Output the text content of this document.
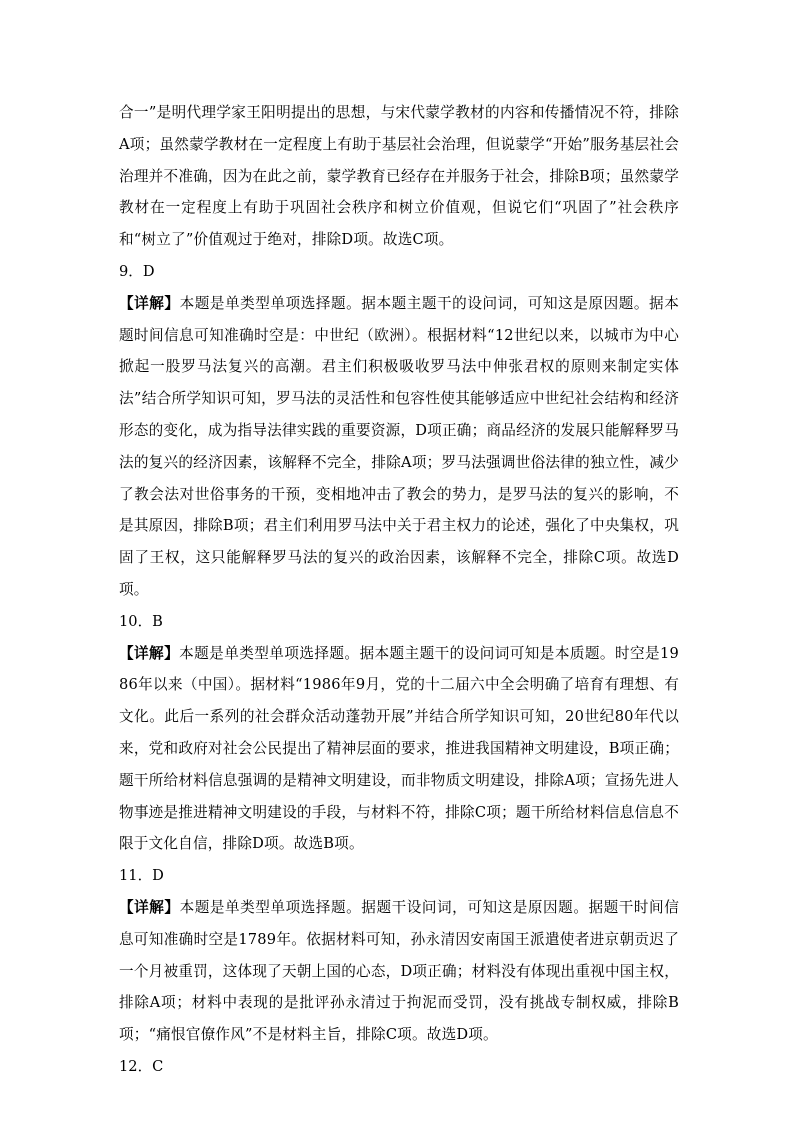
合一”是明代理学家王阳明提出的思想，与宋代蒙学教材的内容和传播情况不符，排除A项；虽然蒙学教材在一定程度上有助于基层社会治理，但说蒙学“开始”服务基层社会治理并不准确，因为在此之前，蒙学教育已经存在并服务于社会，排除B项；虽然蒙学教材在一定程度上有助于巩固社会秩序和树立价值观，但说它们“巩固了”社会秩序和“树立了”价值观过于绝对，排除D项。故选C项。

9．D

【详解】本题是单类型单项选择题。据本题主题干的设问词，可知这是原因题。据本题时间信息可知准确时空是：中世纪（欧洲）。根据材料“12世纪以来，以城市为中心掀起一股罗马法复兴的高潮。君主们积极吸收罗马法中伸张君权的原则来制定实体法”结合所学知识可知，罗马法的灵活性和包容性使其能够适应中世纪社会结构和经济形态的变化，成为指导法律实践的重要资源，D项正确；商品经济的发展只能解释罗马法的复兴的经济因素，该解释不完全，排除A项；罗马法强调世俗法律的独立性，减少了教会法对世俗事务的干预，变相地冲击了教会的势力，是罗马法的复兴的影响，不是其原因，排除B项；君主们利用罗马法中关于君主权力的论述，强化了中央集权，巩固了王权，这只能解释罗马法的复兴的政治因素，该解释不完全，排除C项。故选D项。

10．B

【详解】本题是单类型单项选择题。据本题主题干的设问词可知是本质题。时空是1986年以来（中国）。据材料“1986年9月，党的十二届六中全会明确了培育有理想、有文化。此后一系列的社会群众活动蓬勃开展”并结合所学知识可知，20世纪80年代以来，党和政府对社会公民提出了精神层面的要求，推进我国精神文明建设，B项正确；题干所给材料信息强调的是精神文明建设，而非物质文明建设，排除A项；宣扬先进人物事迹是推进精神文明建设的手段，与材料不符，排除C项；题干所给材料信息信息不限于文化自信，排除D项。故选B项。

11．D

【详解】本题是单类型单项选择题。据题干设问词，可知这是原因题。据题干时间信息可知准确时空是1789年。依据材料可知，孙永清因安南国王派遣使者进京朝贡迟了一个月被重罚，这体现了天朝上国的心态，D项正确；材料没有体现出重视中国主权，排除A项；材料中表现的是批评孙永清过于拘泥而受罚，没有挑战专制权威，排除B项；“痛恨官僚作风”不是材料主旨，排除C项。故选D项。

12．C
